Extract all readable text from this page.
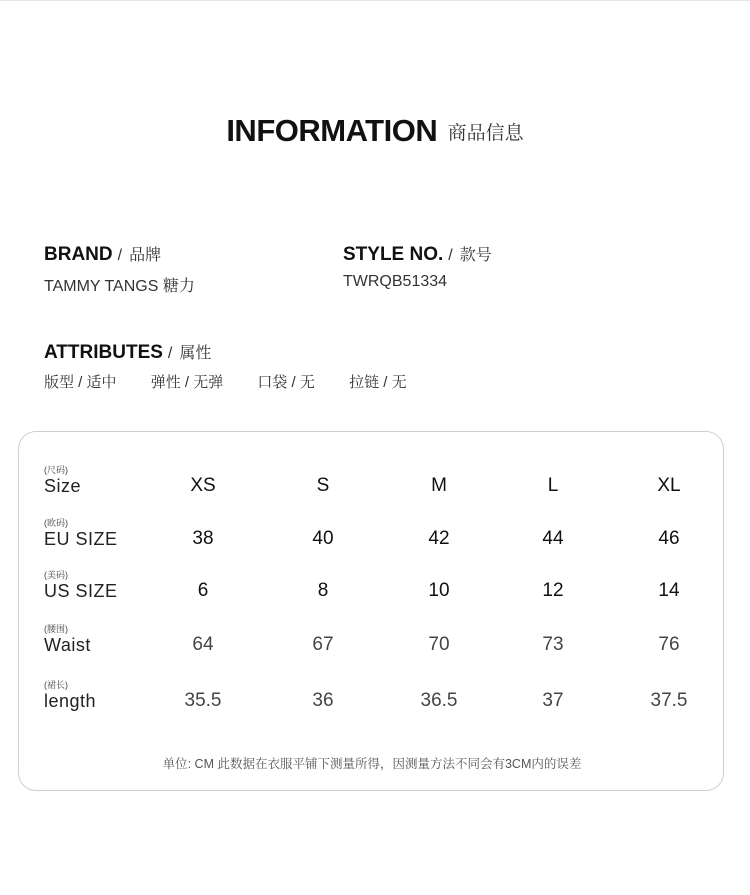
INFORMATION 商品信息
BRAND / 品牌
TAMMY TANGS 糖力
STYLE NO. / 款号
TWRQB51334
ATTRIBUTES / 属性
版型 / 适中 弹性 / 无弹 口袋 / 无 拉链 / 无
(尺码)
Size	XS	S	M	L	XL
(欧码)
EU SIZE	38	40	42	44	46
(美码)
US SIZE	6	8	10	12	14
(腰围)
Waist	64	67	70	73	76
(裙长)
length	35.5	36	36.5	37	37.5
单位: CM 此数据在衣服平铺下测量所得，因测量方法不同会有3CM内的误差
